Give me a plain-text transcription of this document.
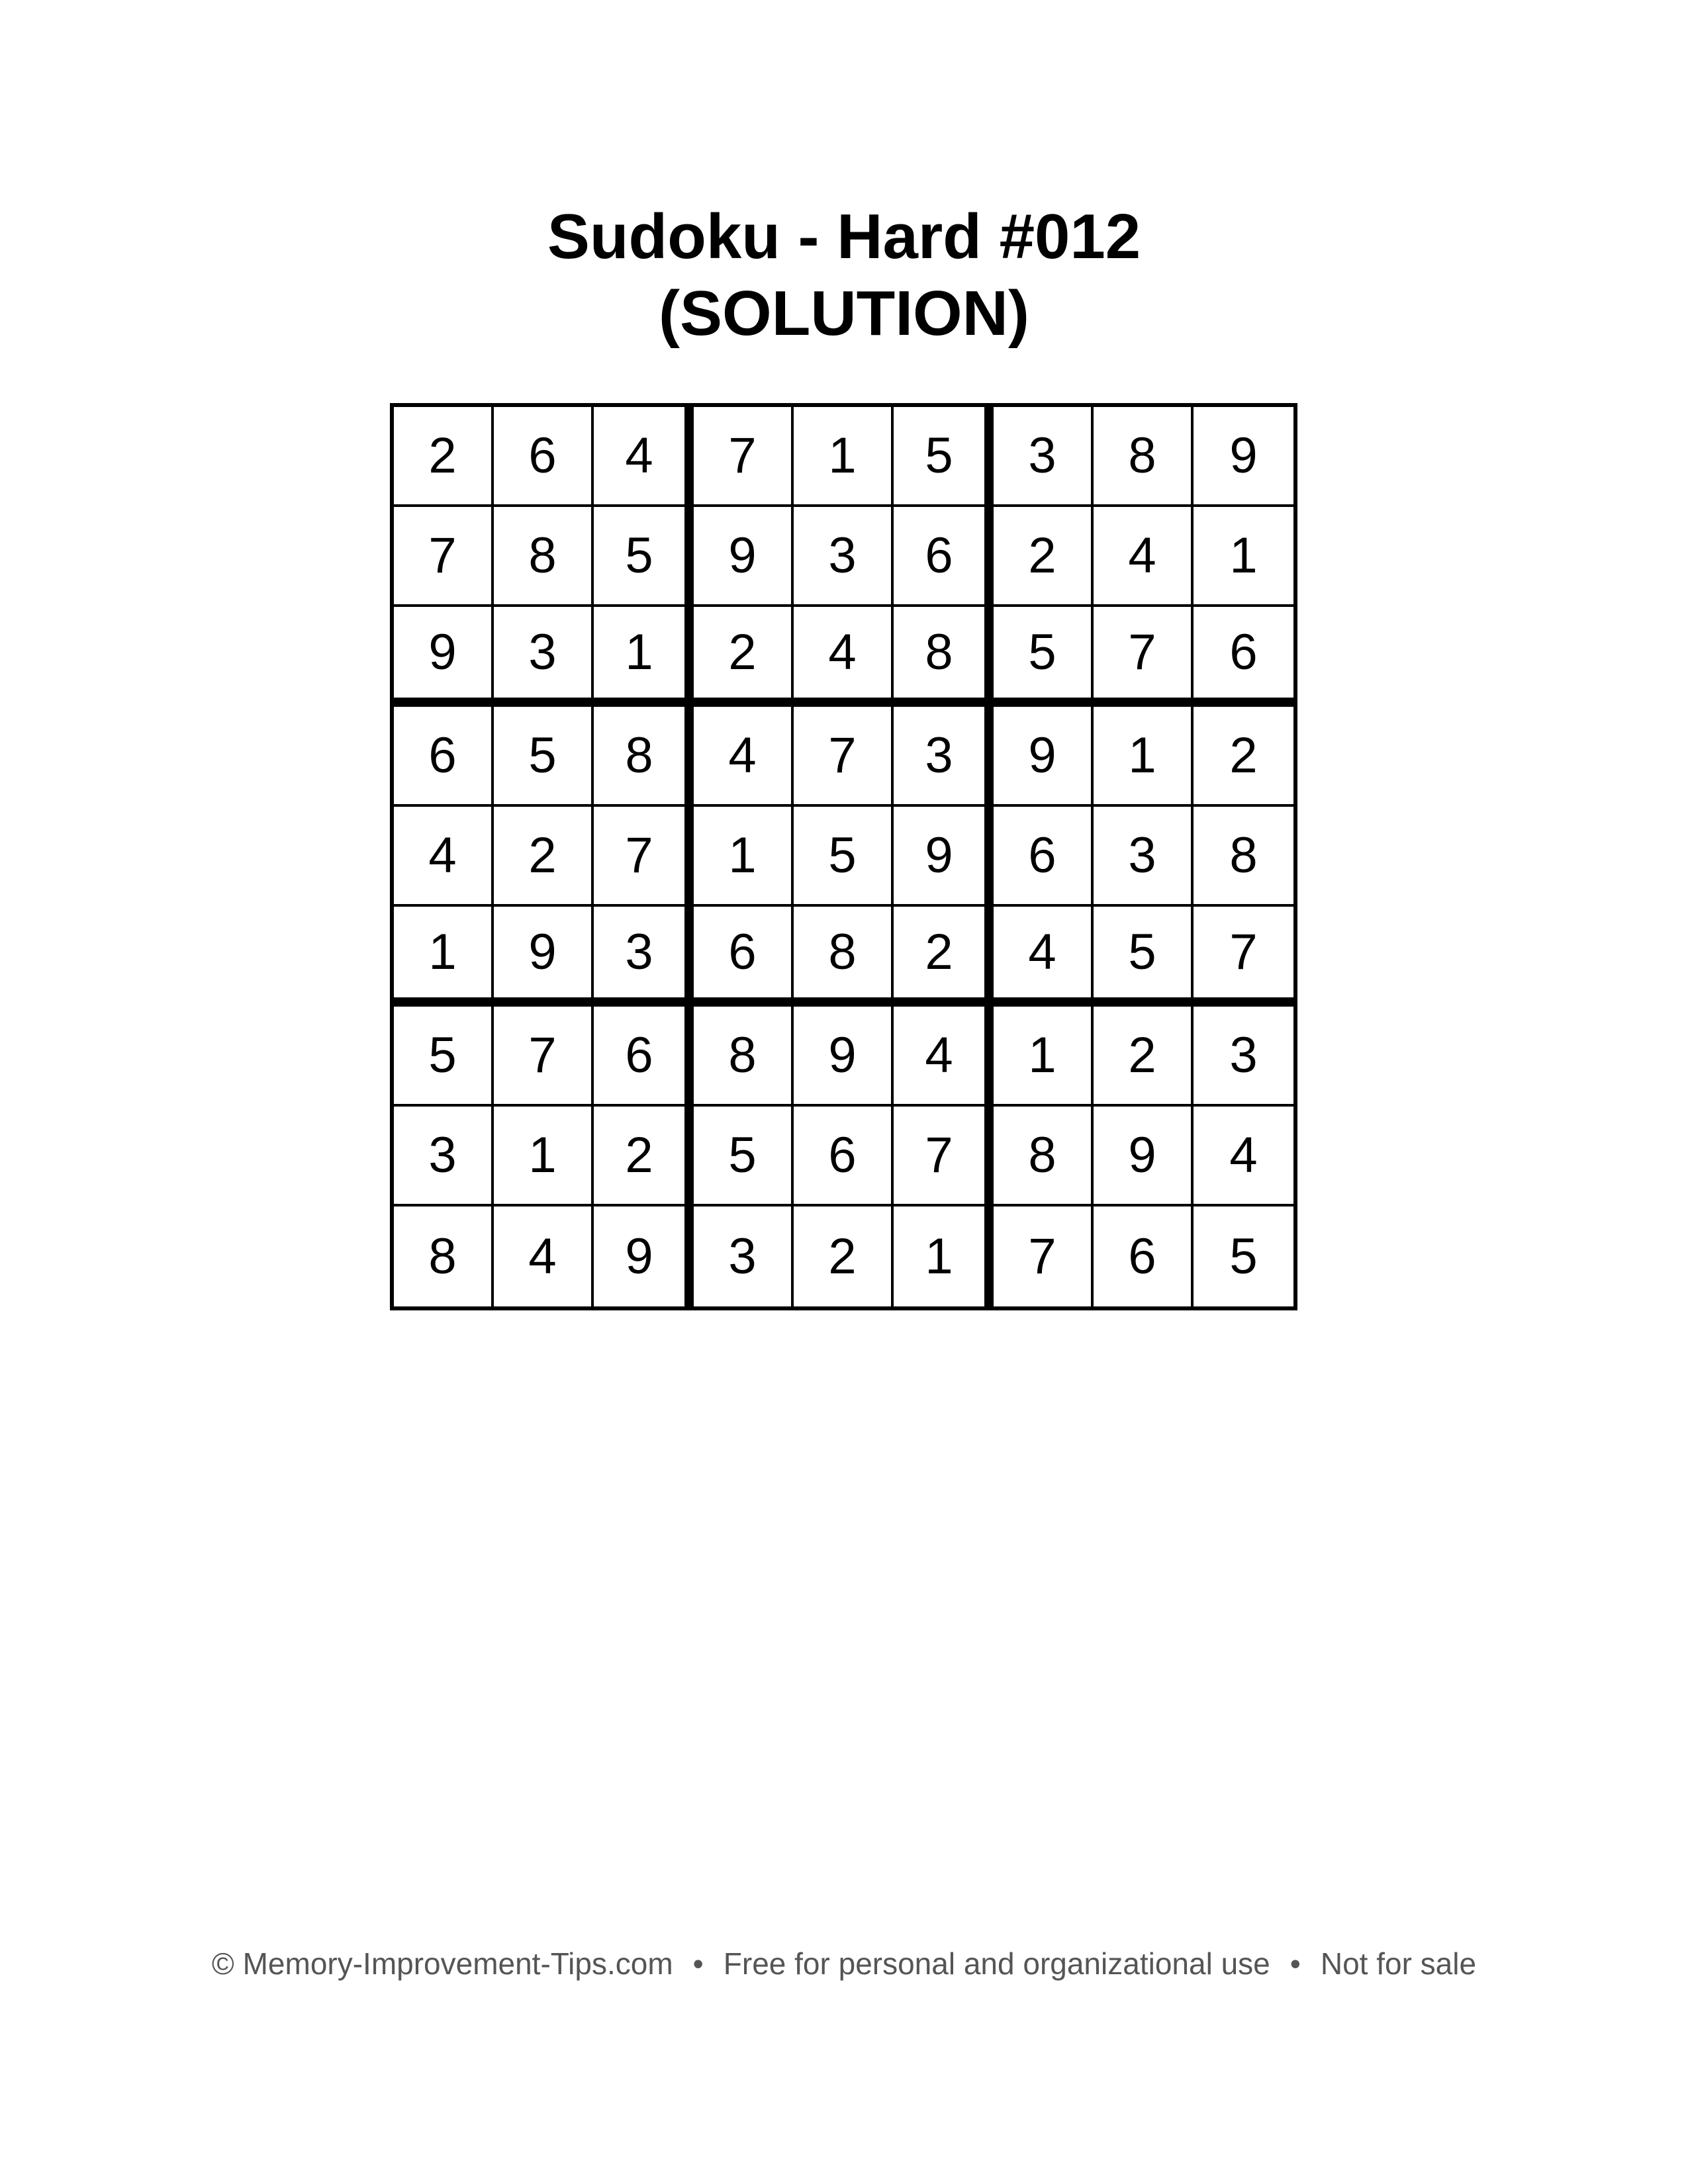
Sudoku - Hard #012
(SOLUTION)
2	6	4	7	1	5	3	8	9
7	8	5	9	3	6	2	4	1
9	3	1	2	4	8	5	7	6
6	5	8	4	7	3	9	1	2
4	2	7	1	5	9	6	3	8
1	9	3	6	8	2	4	5	7
5	7	6	8	9	4	1	2	3
3	1	2	5	6	7	8	9	4
8	4	9	3	2	1	7	6	5
© Memory-Improvement-Tips.com • Free for personal and organizational use • Not for sale
